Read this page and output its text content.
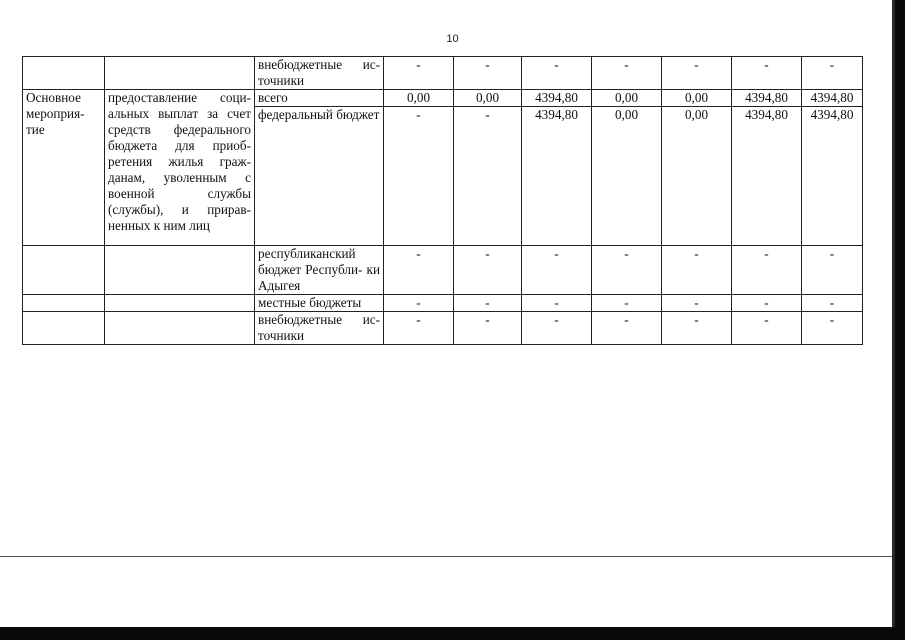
10
		внебюджетные ис- точники	-	-	-	-	-	-	-
Основное мероприя- тие	предоставление соци- альных выплат за счет средств федерального бюджета для приоб- ретения жилья граж- данам, уволенным с военной службы (службы), и прирав- ненных к ним лиц	всего	0,00	0,00	4394,80	0,00	0,00	4394,80	4394,80
		федеральный бюджет	-	-	4394,80	0,00	0,00	4394,80	4394,80
		республиканский бюджет Республи- ки Адыгея	-	-	-	-	-	-	-
		местные бюджеты	-	-	-	-	-	-	-
		внебюджетные ис- точники	-	-	-	-	-	-	-
